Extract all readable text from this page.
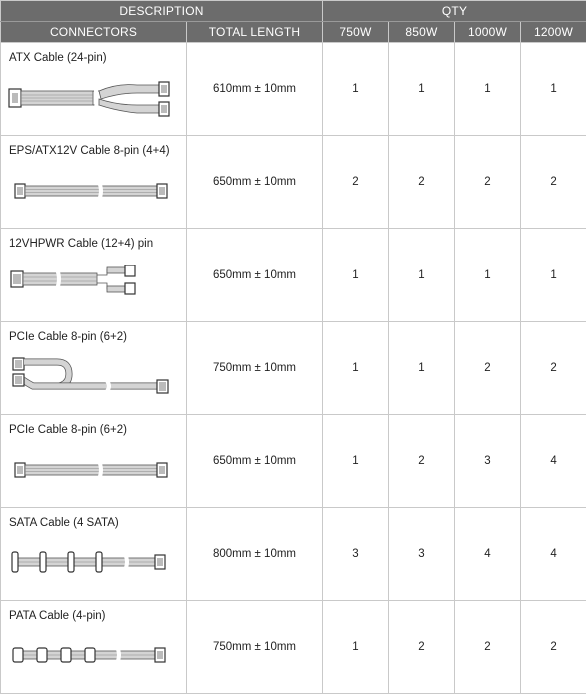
DESCRIPTION		QTY			
CONNECTORS	TOTAL LENGTH	750W	850W	1000W	1200W

ATX Cable (24-pin)	610mm ± 10mm	1	1	1	1

EPS/ATX12V Cable 8-pin (4+4)	650mm ± 10mm	2	2	2	2

12VHPWR Cable (12+4) pin	650mm ± 10mm	1	1	1	1

PCIe Cable 8-pin (6+2)	750mm ± 10mm	1	1	2	2

PCIe Cable 8-pin (6+2)	650mm ± 10mm	1	2	3	4

SATA Cable (4 SATA)	800mm ± 10mm	3	3	4	4

PATA Cable (4-pin)	750mm ± 10mm	1	2	2	2
